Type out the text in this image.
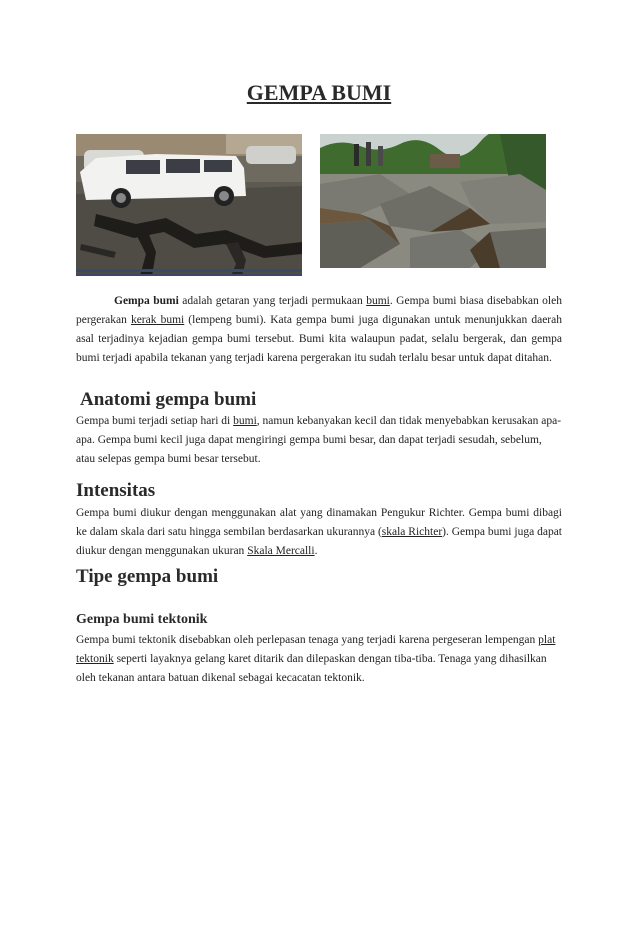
GEMPA BUMI
Gempa bumi adalah getaran yang terjadi permukaan bumi. Gempa bumi biasa disebabkan oleh pergerakan kerak bumi (lempeng bumi). Kata gempa bumi juga digunakan untuk menunjukkan daerah asal terjadinya kejadian gempa bumi tersebut. Bumi kita walaupun padat, selalu bergerak, dan gempa bumi terjadi apabila tekanan yang terjadi karena pergerakan itu sudah terlalu besar untuk dapat ditahan.
Anatomi gempa bumi
Gempa bumi terjadi setiap hari di bumi, namun kebanyakan kecil dan tidak menyebabkan kerusakan apa-apa. Gempa bumi kecil juga dapat mengiringi gempa bumi besar, dan dapat terjadi sesudah, sebelum, atau selepas gempa bumi besar tersebut.
Intensitas
Gempa bumi diukur dengan menggunakan alat yang dinamakan Pengukur Richter. Gempa bumi dibagi ke dalam skala dari satu hingga sembilan berdasarkan ukurannya (skala Richter). Gempa bumi juga dapat diukur dengan menggunakan ukuran Skala Mercalli.
Tipe gempa bumi
Gempa bumi tektonik
Gempa bumi tektonik disebabkan oleh perlepasan tenaga yang terjadi karena pergeseran lempengan plat tektonik seperti layaknya gelang karet ditarik dan dilepaskan dengan tiba-tiba. Tenaga yang dihasilkan oleh tekanan antara batuan dikenal sebagai kecacatan tektonik.
